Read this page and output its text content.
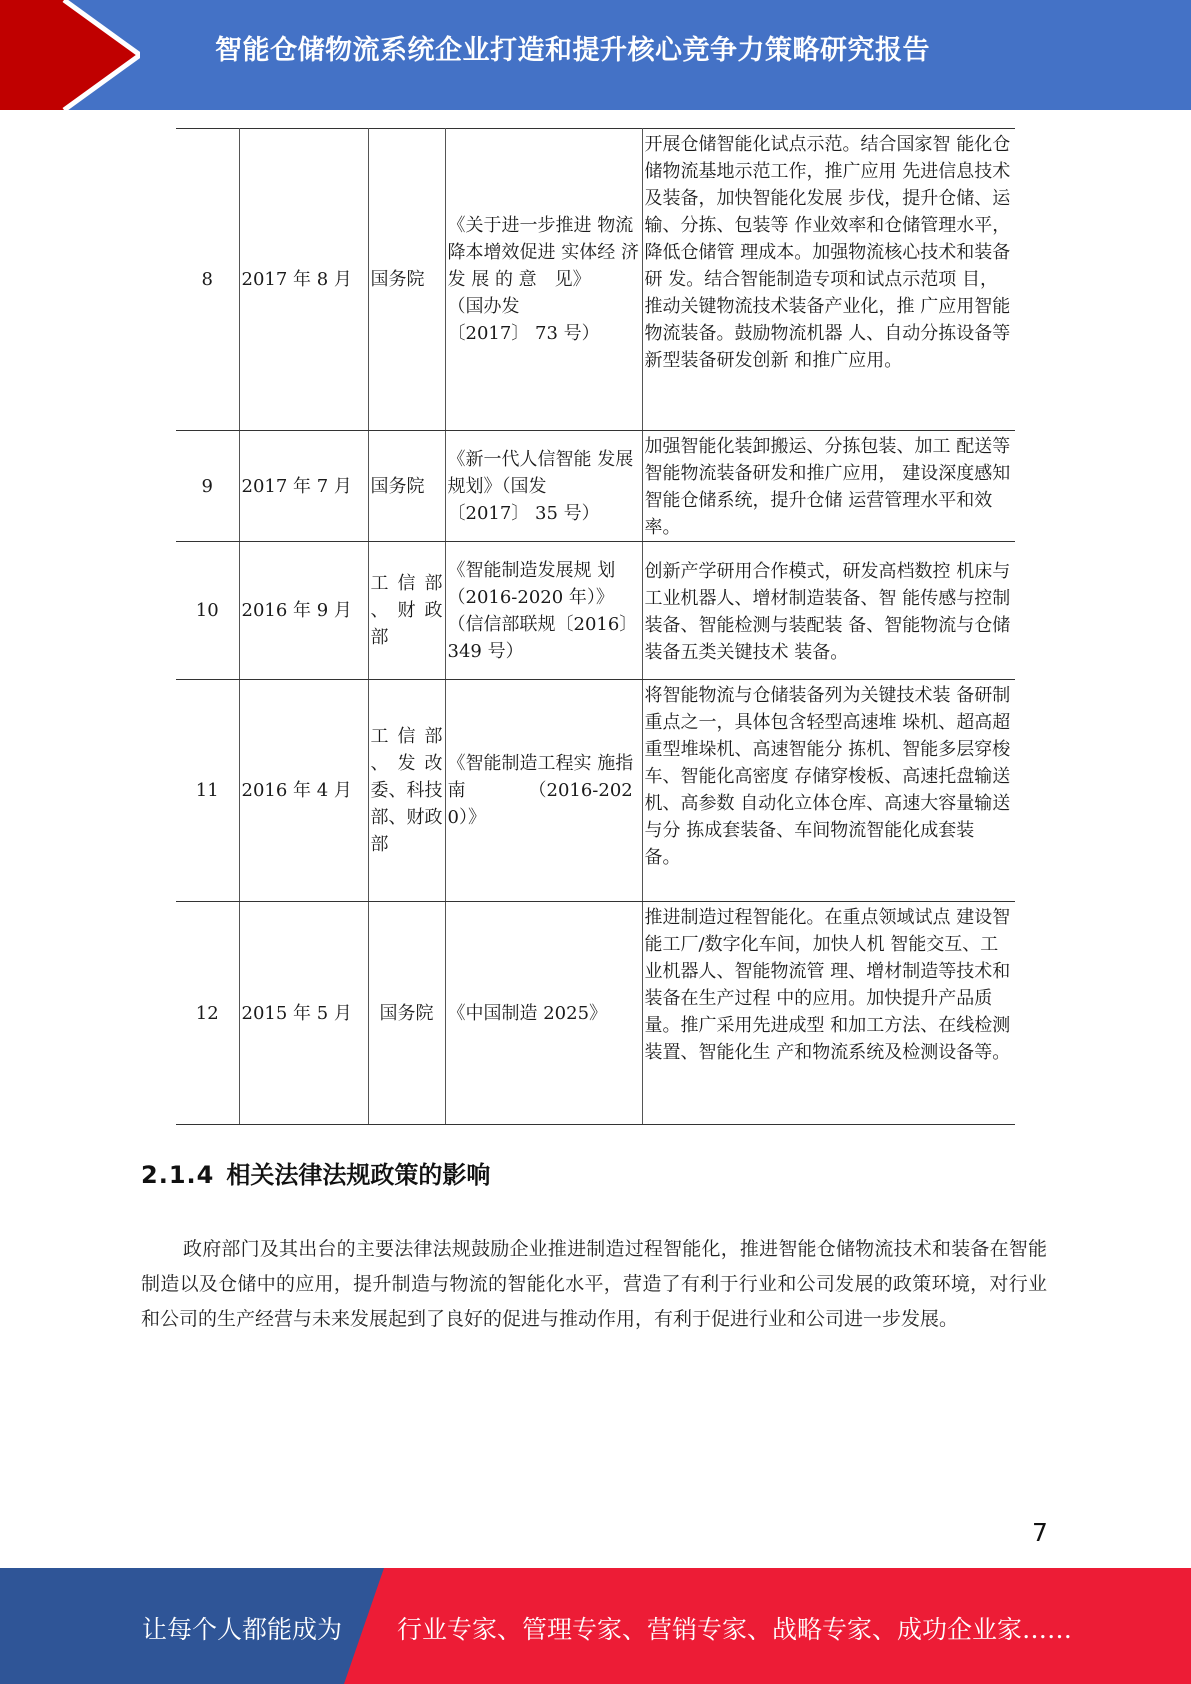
智能仓储物流系统企业打造和提升核心竞争力策略研究报告
8	2017 年 8 月	国务院	《关于进一步推进 物流降本增效促进 实体经 济 发 展 的 意　见》
（国办发
〔2017〕 73 号）	开展仓储智能化试点示范。结合国家智 能化仓储物流基地示范工作，推广应用 先进信息技术及装备，加快智能化发展 步伐，提升仓储、运输、分拣、包装等 作业效率和仓储管理水平，降低仓储管 理成本。加强物流核心技术和装备研 发。结合智能制造专项和试点示范项 目，推动关键物流技术装备产业化，推 广应用智能物流装备。鼓励物流机器 人、自动分拣设备等新型装备研发创新 和推广应用。
9	2017 年 7 月	国务院	《新一代人信智能 发展规划》（国发
〔2017〕 35 号）	加强智能化装卸搬运、分拣包装、加工 配送等智能物流装备研发和推广应用， 建设深度感知智能仓储系统，提升仓储 运营管理水平和效率。
10	2016 年 9 月	工 信 部 、 财 政部	《智能制造发展规 划（2016-2020 年）》（信信部联规〔2016〕 349 号）	创新产学研用合作模式，研发高档数控 机床与工业机器人、增材制造装备、智 能传感与控制装备、智能检测与装配装 备、智能物流与仓储装备五类关键技术 装备。
11	2016 年 4 月	工 信 部 、 发 改委、科技部、财政部	《智能制造工程实 施指南　　　　（2016-2020）》	将智能物流与仓储装备列为关键技术装 备研制重点之一，具体包含轻型高速堆 垛机、超高超重型堆垛机、高速智能分 拣机、智能多层穿梭车、智能化高密度 存储穿梭板、高速托盘输送机、高参数 自动化立体仓库、高速大容量输送与分 拣成套装备、车间物流智能化成套装 备。
12	2015 年 5 月	国务院	《中国制造 2025》	推进制造过程智能化。在重点领域试点 建设智能工厂/数字化车间，加快人机 智能交互、工业机器人、智能物流管 理、增材制造等技术和装备在生产过程 中的应用。加快提升产品质量。推广采用先进成型 和加工方法、在线检测装置、智能化生 产和物流系统及检测设备等。
2.1.4 相关法律法规政策的影响

政府部门及其出台的主要法律法规鼓励企业推进制造过程智能化，推进智能仓储物流技术和装备在智能制造以及仓储中的应用，提升制造与物流的智能化水平，营造了有利于行业和公司发展的政策环境，对行业和公司的生产经营与未来发展起到了良好的促进与推动作用，有利于促进行业和公司进一步发展。

7
让每个人都能成为 行业专家、管理专家、营销专家、战略专家、成功企业家……
